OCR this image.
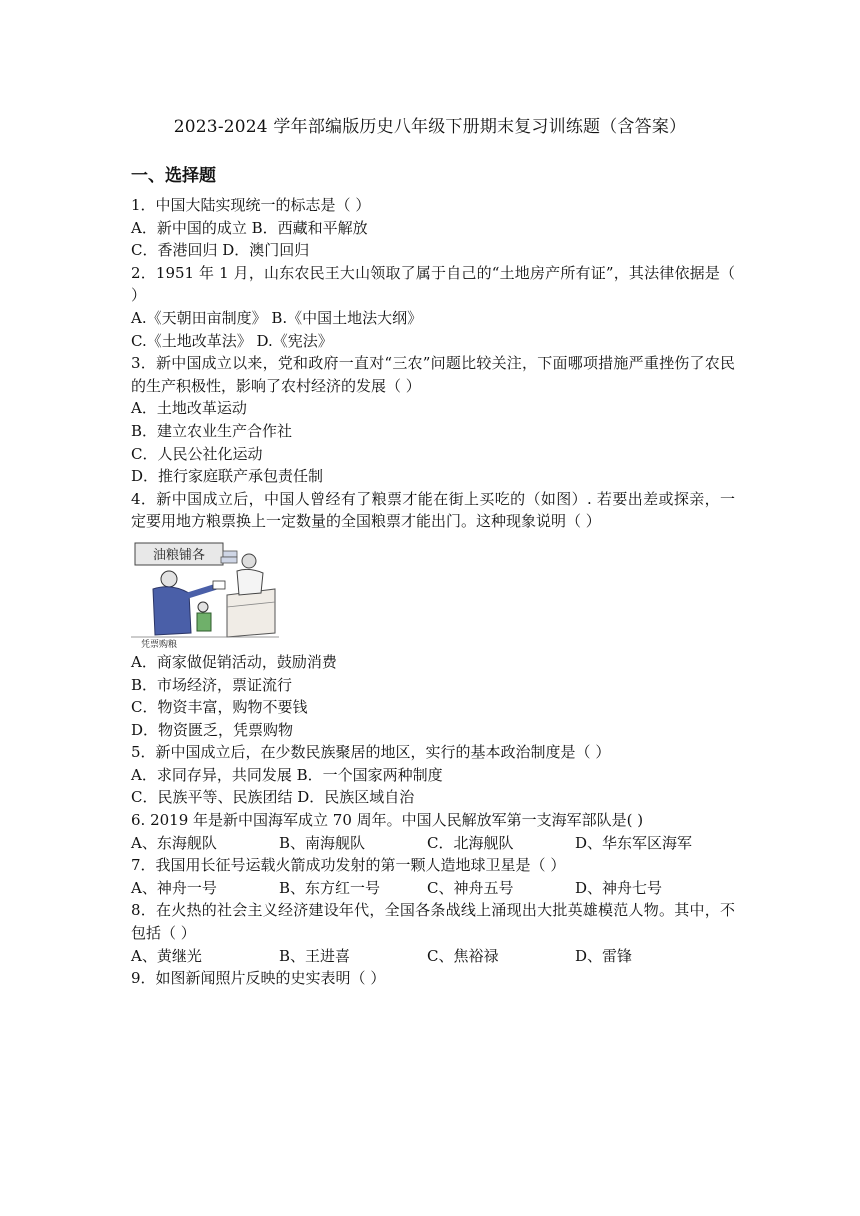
2023-2024 学年部编版历史八年级下册期末复习训练题（含答案）
一、选择题
1．中国大陆实现统一的标志是（ ）
A．新中国的成立 B．西藏和平解放
C．香港回归 D．澳门回归
2．1951 年 1 月，山东农民王大山领取了属于自己的“土地房产所有证”，其法律依据是（ ）
A.《天朝田亩制度》 B.《中国土地法大纲》
C.《土地改革法》 D.《宪法》
3．新中国成立以来，党和政府一直对“三农”问题比较关注，下面哪项措施严重挫伤了农民的生产积极性，影响了农村经济的发展（ ）
A．土地改革运动
B．建立农业生产合作社
C．人民公社化运动
D．推行家庭联产承包责任制
4．新中国成立后，中国人曾经有了粮票才能在街上买吃的（如图）. 若要出差或探亲，一定要用地方粮票换上一定数量的全国粮票才能出门。这种现象说明（ ）
油粮铺各
凭票购粮
A．商家做促销活动，鼓励消费
B．市场经济，票证流行
C．物资丰富，购物不要钱
D．物资匮乏，凭票购物
5．新中国成立后，在少数民族聚居的地区，实行的基本政治制度是（ ）
A．求同存异，共同发展 B．一个国家两种制度
C．民族平等、民族团结 D．民族区域自治
6. 2019 年是新中国海军成立 70 周年。中国人民解放军第一支海军部队是( )
A、东海舰队	B、南海舰队	C．北海舰队	D、华东军区海军
7．我国用长征号运载火箭成功发射的第一颗人造地球卫星是（ ）
A、神舟一号	B、东方红一号	C、神舟五号	D、神舟七号
8．在火热的社会主义经济建设年代，全国各条战线上涌现出大批英雄模范人物。其中，不包括（ ）
A、黄继光	B、王进喜	C、焦裕禄	D、雷锋
9．如图新闻照片反映的史实表明（ ）
